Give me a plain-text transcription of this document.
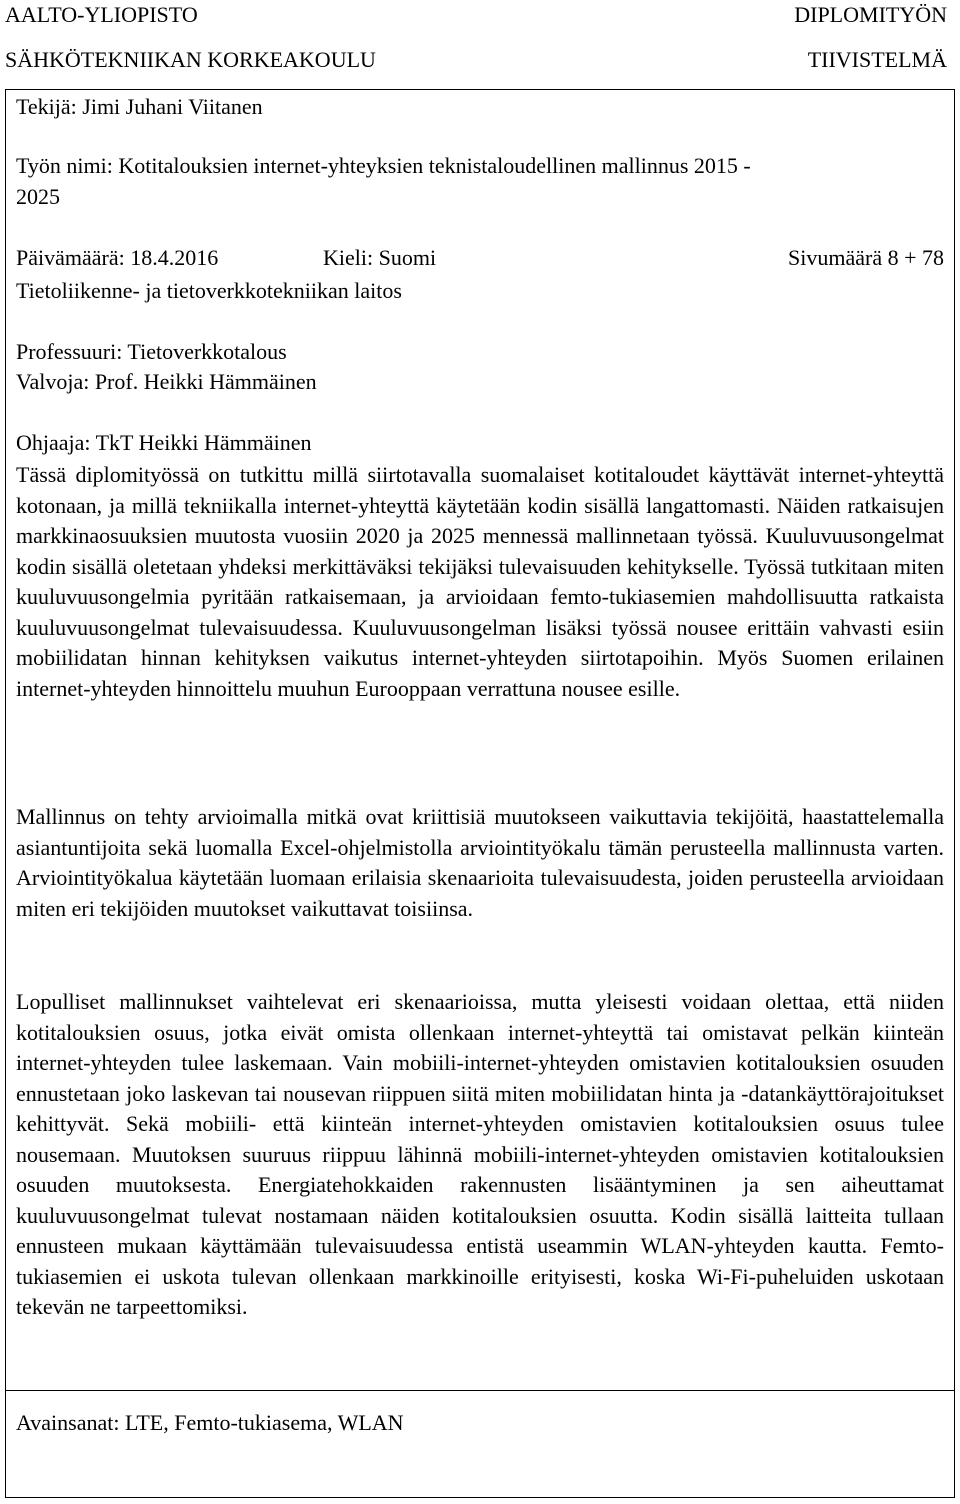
AALTO-YLIOPISTO
SÄHKÖTEKNIIKAN KORKEAKOULU
DIPLOMITYÖN
TIIVISTELMÄ
Tekijä: Jimi Juhani Viitanen
Työn nimi: Kotitalouksien internet-yhteyksien teknistaloudellinen mallinnus 2015 -
2025
Päivämäärä: 18.4.2016	Kieli: Suomi	Sivumäärä 8 + 78
Tietoliikenne- ja tietoverkkotekniikan laitos
Professuuri: Tietoverkkotalous
Valvoja: Prof. Heikki Hämmäinen
Ohjaaja: TkT Heikki Hämmäinen
Tässä diplomityössä on tutkittu millä siirtotavalla suomalaiset kotitaloudet käyttävät internet-yhteyttä kotonaan, ja millä tekniikalla internet-yhteyttä käytetään kodin sisällä langattomasti. Näiden ratkaisujen markkinaosuuksien muutosta vuosiin 2020 ja 2025 mennessä mallinnetaan työssä. Kuuluvuusongelmat kodin sisällä oletetaan yhdeksi merkittäväksi tekijäksi tulevaisuuden kehitykselle. Työssä tutkitaan miten kuuluvuusongelmia pyritään ratkaisemaan, ja arvioidaan femto-tukiasemien mahdollisuutta ratkaista kuuluvuusongelmat tulevaisuudessa. Kuuluvuusongelman lisäksi työssä nousee erittäin vahvasti esiin mobiilidatan hinnan kehityksen vaikutus internet-yhteyden siirtotapoihin. Myös Suomen erilainen internet-yhteyden hinnoittelu muuhun Eurooppaan verrattuna nousee esille.
Mallinnus on tehty arvioimalla mitkä ovat kriittisiä muutokseen vaikuttavia tekijöitä, haastattelemalla asiantuntijoita sekä luomalla Excel-ohjelmistolla arviointityökalu tämän perusteella mallinnusta varten. Arviointityökalua käytetään luomaan erilaisia skenaarioita tulevaisuudesta, joiden perusteella arvioidaan miten eri tekijöiden muutokset vaikuttavat toisiinsa.
Lopulliset mallinnukset vaihtelevat eri skenaarioissa, mutta yleisesti voidaan olettaa, että niiden kotitalouksien osuus, jotka eivät omista ollenkaan internet-yhteyttä tai omistavat pelkän kiinteän internet-yhteyden tulee laskemaan. Vain mobiili-internet-yhteyden omistavien kotitalouksien osuuden ennustetaan joko laskevan tai nousevan riippuen siitä miten mobiilidatan hinta ja -datankäyttörajoitukset kehittyvät. Sekä mobiili- että kiinteän internet-yhteyden omistavien kotitalouksien osuus tulee nousemaan. Muutoksen suuruus riippuu lähinnä mobiili-internet-yhteyden omistavien kotitalouksien osuuden muutoksesta. Energiatehokkaiden rakennusten lisääntyminen ja sen aiheuttamat kuuluvuusongelmat tulevat nostamaan näiden kotitalouksien osuutta. Kodin sisällä laitteita tullaan ennusteen mukaan käyttämään tulevaisuudessa entistä useammin WLAN-yhteyden kautta. Femto-tukiasemien ei uskota tulevan ollenkaan markkinoille erityisesti, koska Wi-Fi-puheluiden uskotaan tekevän ne tarpeettomiksi.
Avainsanat: LTE, Femto-tukiasema, WLAN
